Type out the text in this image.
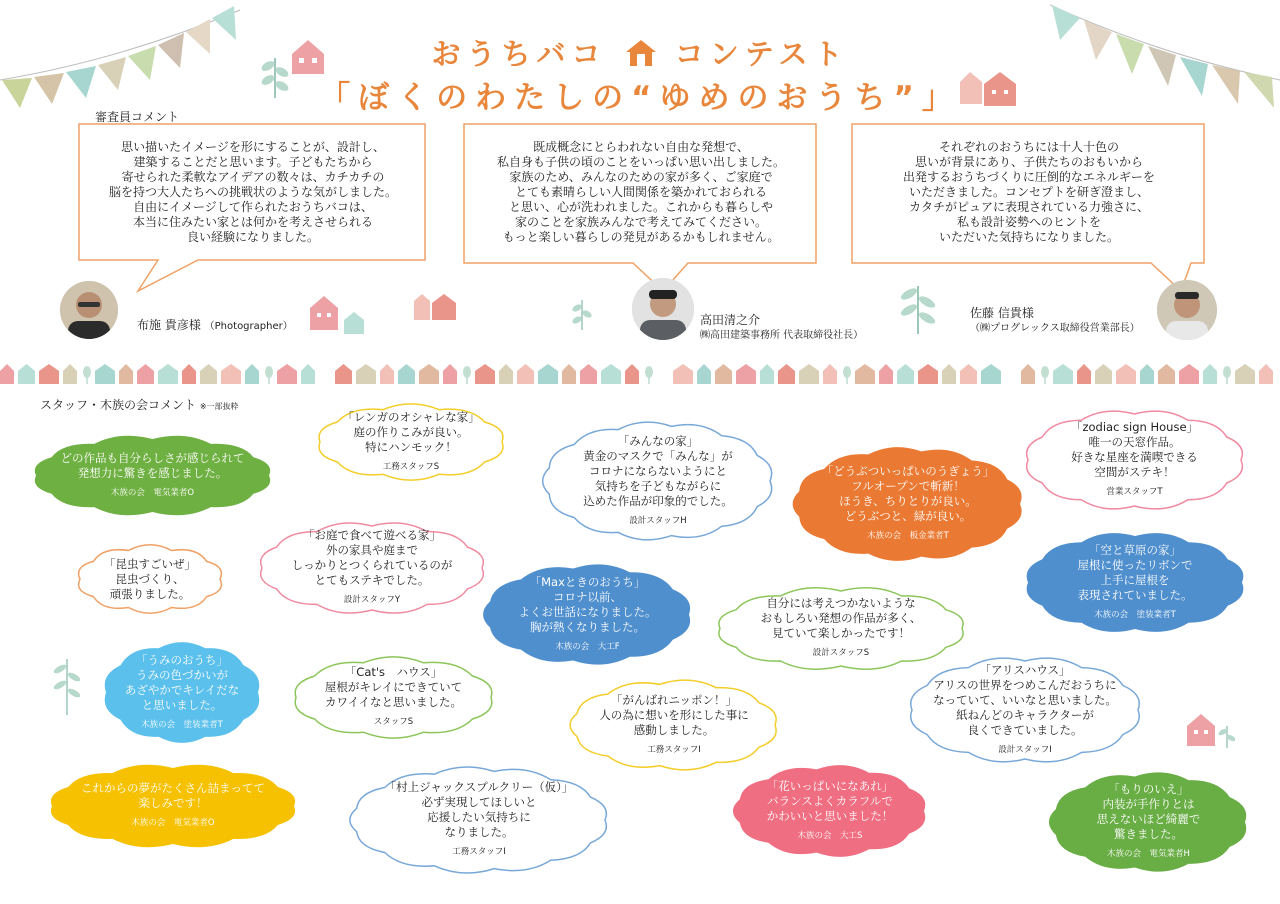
おうちバコ コンテスト
「ぼくのわたしの“ゆめのおうち”」
審査員コメント
思い描いたイメージを形にすることが、設計し、
建築することだと思います。子どもたちから
寄せられた柔軟なアイデアの数々は、カチカチの
脳を持つ大人たちへの挑戦状のような気がしました。
自由にイメージして作られたおうちバコは、
本当に住みたい家とは何かを考えさせられる
良い経験になりました。
既成概念にとらわれない自由な発想で、
私自身も子供の頃のことをいっぱい思い出しました。
家族のため、みんなのための家が多く、ご家庭で
とても素晴らしい人間関係を築かれておられる
と思い、心が洗われました。これからも暮らしや
家のことを家族みんなで考えてみてください。
もっと楽しい暮らしの発見があるかもしれません。
それぞれのおうちには十人十色の
思いが背景にあり、子供たちのおもいから
出発するおうちづくりに圧倒的なエネルギーを
いただきました。コンセプトを研ぎ澄まし、
カタチがピュアに表現されている力強さに、
私も設計姿勢へのヒントを
いただいた気持ちになりました。
布施 貴彦様 （Photographer）	高田清之介
㈱高田建築事務所 代表取締役社長）
佐藤 信貴様
（㈱プログレックス取締役営業部長）
スタッフ・木族の会コメント ※一部抜粋
どの作品も自分らしさが感じられて
発想力に驚きを感じました。
木族の会　電気業者O
「レンガのオシャレな家」
庭の作りこみが良い。
特にハンモック！
工務スタッフS
「みんなの家」
黄金のマスクで「みんな」が
コロナにならないようにと
気持ちを子どもながらに
込めた作品が印象的でした。
設計スタッフH
「どうぶついっぱいのうぎょう」
フルオープンで斬新！
ほうき、ちりとりが良い。
どうぶつと、緑が良い。
木族の会　板金業者T
「zodiac sign House」
唯一の天窓作品。
好きな星座を満喫できる
空間がステキ！
営業スタッフT
「昆虫すごいぜ」
昆虫づくり、
頑張りました。
「お庭で食べて遊べる家」
外の家具や庭まで
しっかりとつくられているのが
とてもステキでした。
設計スタッフY
「Maxときのおうち」
コロナ以前、
よくお世話になりました。
胸が熱くなりました。
木族の会　大工F
自分には考えつかないような
おもしろい発想の作品が多く、
見ていて楽しかったです！
設計スタッフS
「空と草原の家」
屋根に使ったリボンで
上手に屋根を
表現されていました。
木族の会　塗装業者T
「うみのおうち」
うみの色づかいが
あざやかでキレイだな
と思いました。
木族の会　塗装業者T
「Cat's　ハウス」
屋根がキレイにできていて
カワイイなと思いました。
スタッフS
「がんばれニッポン！」
人の為に想いを形にした事に
感動しました。
工務スタッフI
「アリスハウス」
アリスの世界をつめこんだおうちに
なっていて、いいなと思いました。
紙ねんどのキャラクターが
良くできていました。
設計スタッフI
これからの夢がたくさん詰まってて
楽しみです！
木族の会　電気業者O
「村上ジャックスプルクリー（仮）」
必ず実現してほしいと
応援したい気持ちに
なりました。
工務スタッフI
「花いっぱいになあれ」
バランスよくカラフルで
かわいいと思いました！
木族の会　大工S
「もりのいえ」
内装が手作りとは
思えないほど綺麗で
驚きました。
木族の会　電気業者H
